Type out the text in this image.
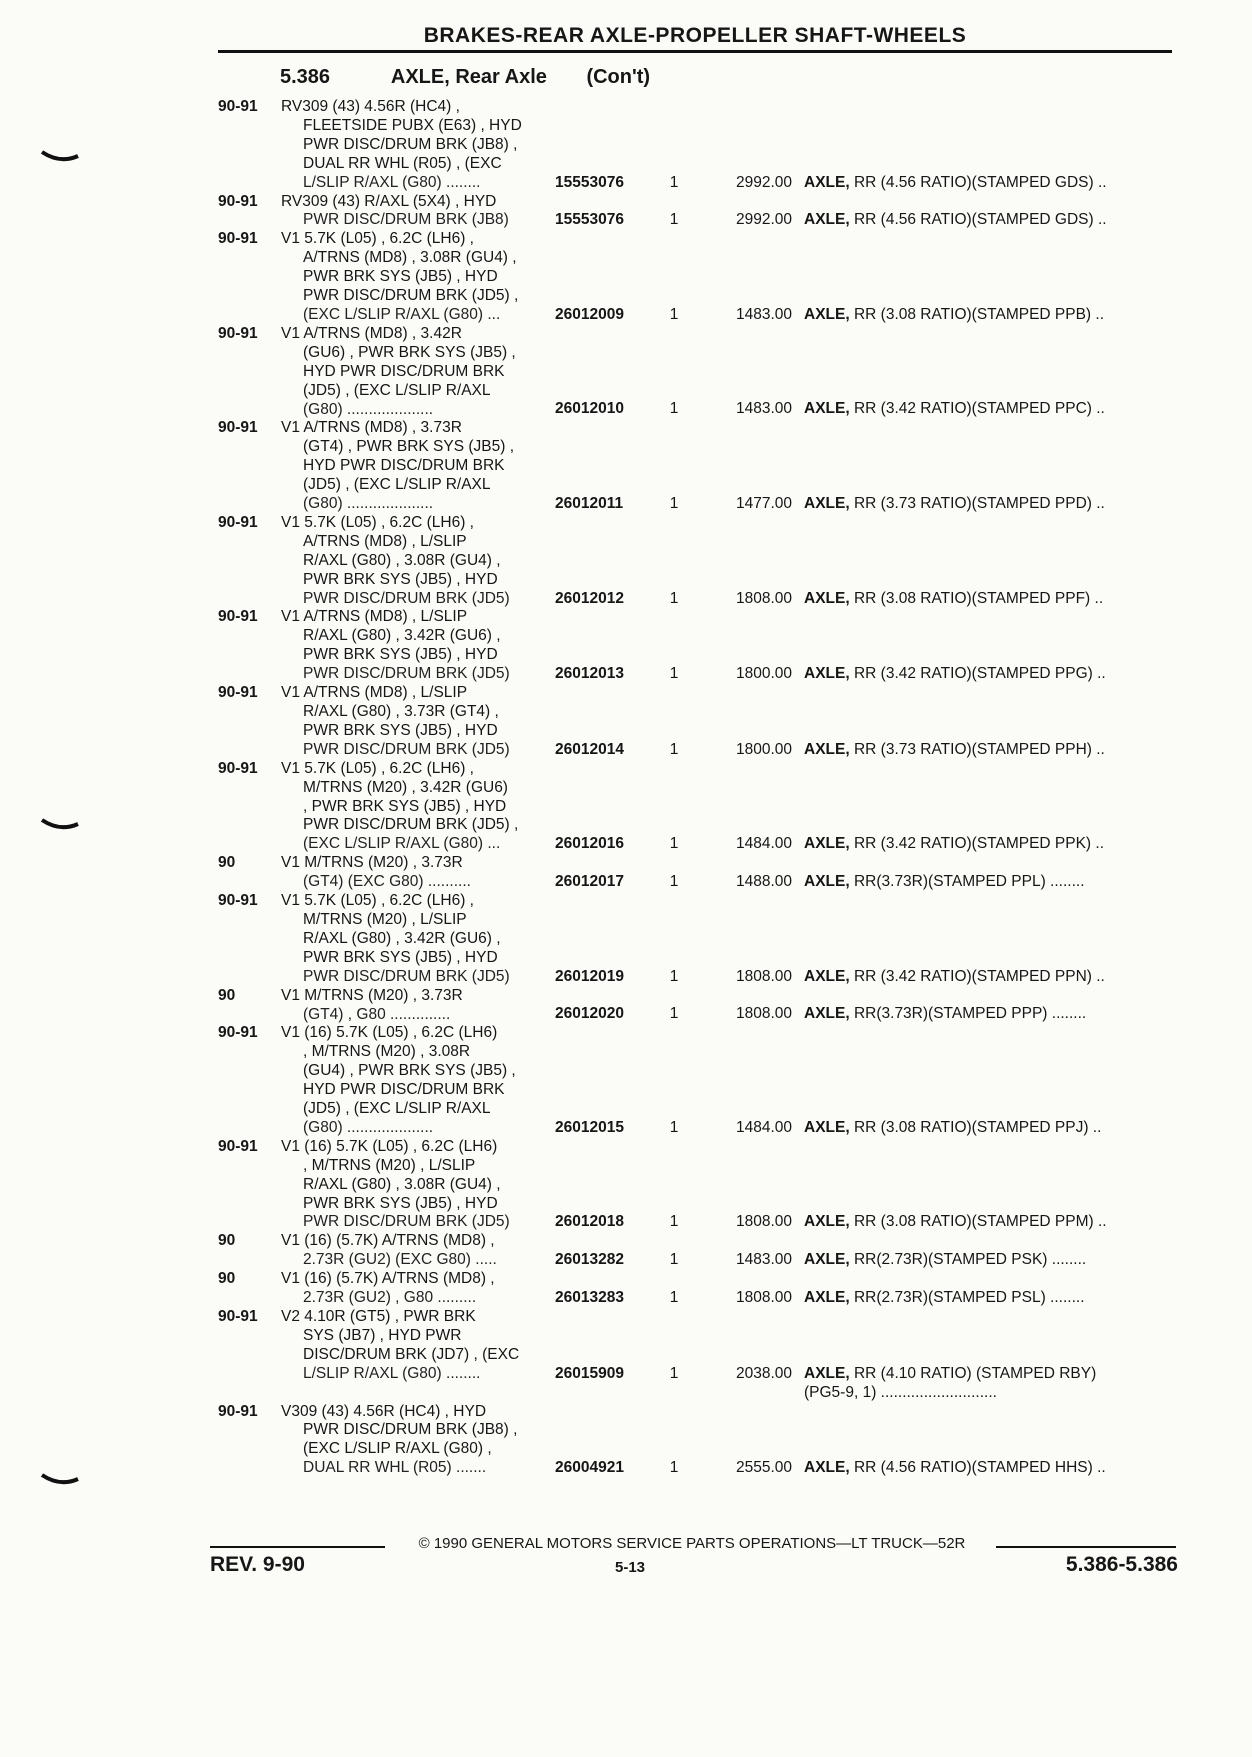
BRAKES-REAR AXLE-PROPELLER SHAFT-WHEELS
5.386	AXLE, Rear Axle (Con't)
90-91 RV309 (43) 4.56R (HC4) ,
FLEETSIDE PUBX (E63) , HYD
PWR DISC/DRUM BRK (JB8) ,
DUAL RR WHL (R05) , (EXC
L/SLIP R/AXL (G80) ........	15553076	1	2992.00 AXLE, RR (4.56 RATIO)(STAMPED GDS) ..
90-91 RV309 (43) R/AXL (5X4) , HYD
PWR DISC/DRUM BRK (JB8)	15553076	1	2992.00 AXLE, RR (4.56 RATIO)(STAMPED GDS) ..
90-91 V1 5.7K (L05) , 6.2C (LH6) ,
A/TRNS (MD8) , 3.08R (GU4) ,
PWR BRK SYS (JB5) , HYD
PWR DISC/DRUM BRK (JD5) ,
(EXC L/SLIP R/AXL (G80) ...	26012009	1	1483.00 AXLE, RR (3.08 RATIO)(STAMPED PPB) ..
90-91 V1 A/TRNS (MD8) , 3.42R
(GU6) , PWR BRK SYS (JB5) ,
HYD PWR DISC/DRUM BRK
(JD5) , (EXC L/SLIP R/AXL
(G80) ....................	26012010	1	1483.00 AXLE, RR (3.42 RATIO)(STAMPED PPC) ..
90-91 V1 A/TRNS (MD8) , 3.73R
(GT4) , PWR BRK SYS (JB5) ,
HYD PWR DISC/DRUM BRK
(JD5) , (EXC L/SLIP R/AXL
(G80) ....................	26012011	1	1477.00 AXLE, RR (3.73 RATIO)(STAMPED PPD) ..
90-91 V1 5.7K (L05) , 6.2C (LH6) ,
A/TRNS (MD8) , L/SLIP
R/AXL (G80) , 3.08R (GU4) ,
PWR BRK SYS (JB5) , HYD
PWR DISC/DRUM BRK (JD5)	26012012	1	1808.00 AXLE, RR (3.08 RATIO)(STAMPED PPF) ..
90-91 V1 A/TRNS (MD8) , L/SLIP
R/AXL (G80) , 3.42R (GU6) ,
PWR BRK SYS (JB5) , HYD
PWR DISC/DRUM BRK (JD5)	26012013	1	1800.00 AXLE, RR (3.42 RATIO)(STAMPED PPG) ..
90-91 V1 A/TRNS (MD8) , L/SLIP
R/AXL (G80) , 3.73R (GT4) ,
PWR BRK SYS (JB5) , HYD
PWR DISC/DRUM BRK (JD5)	26012014	1	1800.00 AXLE, RR (3.73 RATIO)(STAMPED PPH) ..
90-91 V1 5.7K (L05) , 6.2C (LH6) ,
M/TRNS (M20) , 3.42R (GU6)
, PWR BRK SYS (JB5) , HYD
PWR DISC/DRUM BRK (JD5) ,
(EXC L/SLIP R/AXL (G80) ...	26012016	1	1484.00 AXLE, RR (3.42 RATIO)(STAMPED PPK) ..
90	V1 M/TRNS (M20) , 3.73R
(GT4) (EXC G80) ..........	26012017	1	1488.00 AXLE, RR(3.73R)(STAMPED PPL) ........
90-91 V1 5.7K (L05) , 6.2C (LH6) ,
M/TRNS (M20) , L/SLIP
R/AXL (G80) , 3.42R (GU6) ,
PWR BRK SYS (JB5) , HYD
PWR DISC/DRUM BRK (JD5)	26012019	1	1808.00 AXLE, RR (3.42 RATIO)(STAMPED PPN) ..
90	V1 M/TRNS (M20) , 3.73R
(GT4) , G80 ..............	26012020	1	1808.00 AXLE, RR(3.73R)(STAMPED PPP) ........
90-91 V1 (16) 5.7K (L05) , 6.2C (LH6)
, M/TRNS (M20) , 3.08R
(GU4) , PWR BRK SYS (JB5) ,
HYD PWR DISC/DRUM BRK
(JD5) , (EXC L/SLIP R/AXL
(G80) ....................	26012015	1	1484.00 AXLE, RR (3.08 RATIO)(STAMPED PPJ) ..
90-91 V1 (16) 5.7K (L05) , 6.2C (LH6)
, M/TRNS (M20) , L/SLIP
R/AXL (G80) , 3.08R (GU4) ,
PWR BRK SYS (JB5) , HYD
PWR DISC/DRUM BRK (JD5)	26012018	1	1808.00 AXLE, RR (3.08 RATIO)(STAMPED PPM) ..
90	V1 (16) (5.7K) A/TRNS (MD8) ,
2.73R (GU2) (EXC G80) .....	26013282	1	1483.00 AXLE, RR(2.73R)(STAMPED PSK) ........
90	V1 (16) (5.7K) A/TRNS (MD8) ,
2.73R (GU2) , G80 .........	26013283	1	1808.00 AXLE, RR(2.73R)(STAMPED PSL) ........
90-91 V2 4.10R (GT5) , PWR BRK
SYS (JB7) , HYD PWR
DISC/DRUM BRK (JD7) , (EXC
L/SLIP R/AXL (G80) ........	26015909	1	2038.00 AXLE, RR (4.10 RATIO) (STAMPED RBY)
(PG5-9, 1) ...........................
90-91 V309 (43) 4.56R (HC4) , HYD
PWR DISC/DRUM BRK (JB8) ,
(EXC L/SLIP R/AXL (G80) ,
DUAL RR WHL (R05) .......	26004921	1	2555.00 AXLE, RR (4.56 RATIO)(STAMPED HHS) ..
© 1990 GENERAL MOTORS SERVICE PARTS OPERATIONS—LT TRUCK—52R
REV. 9-90	5-13	5.386-5.386
